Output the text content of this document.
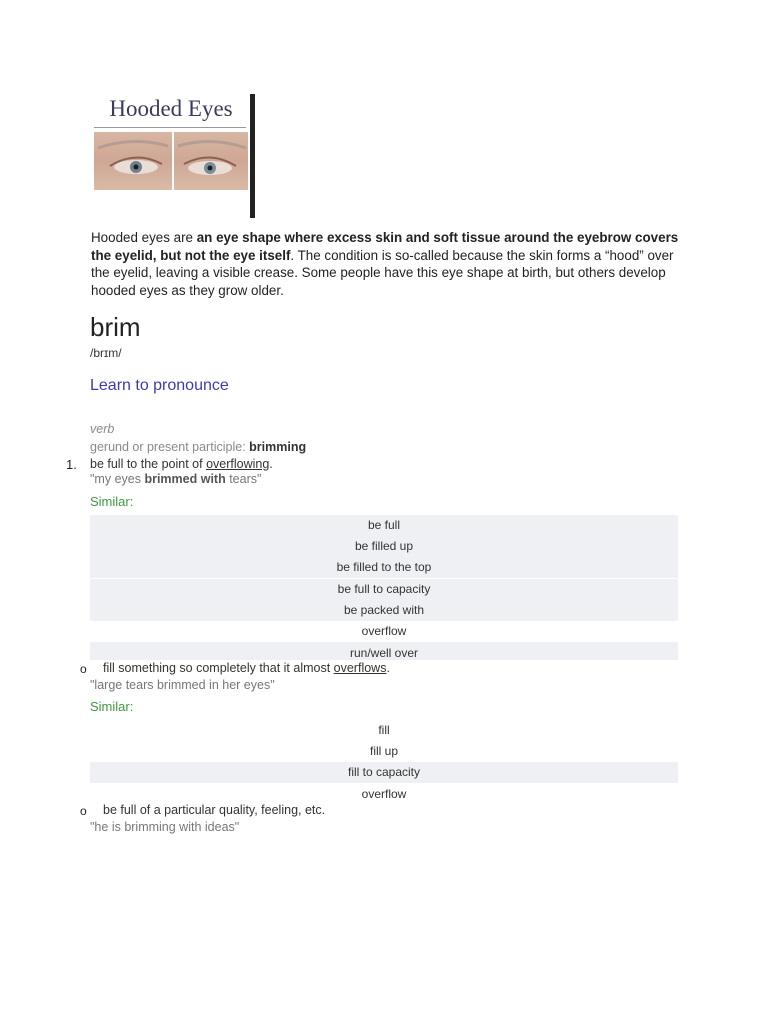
Hooded Eyes
Hooded eyes are an eye shape where excess skin and soft tissue around the eyebrow covers the eyelid, but not the eye itself. The condition is so-called because the skin forms a “hood” over the eyelid, leaving a visible crease. Some people have this eye shape at birth, but others develop hooded eyes as they grow older.
brim
/brɪm/
Learn to pronounce
verb
gerund or present participle: brimming
1. be full to the point of overflowing.
"my eyes brimmed with tears"
Similar:
be full
be filled up
be filled to the top
be full to capacity
be packed with
overflow
run/well over
o fill something so completely that it almost overflows.
"large tears brimmed in her eyes"
Similar:
fill
fill up
fill to capacity
overflow
o be full of a particular quality, feeling, etc.
"he is brimming with ideas"
